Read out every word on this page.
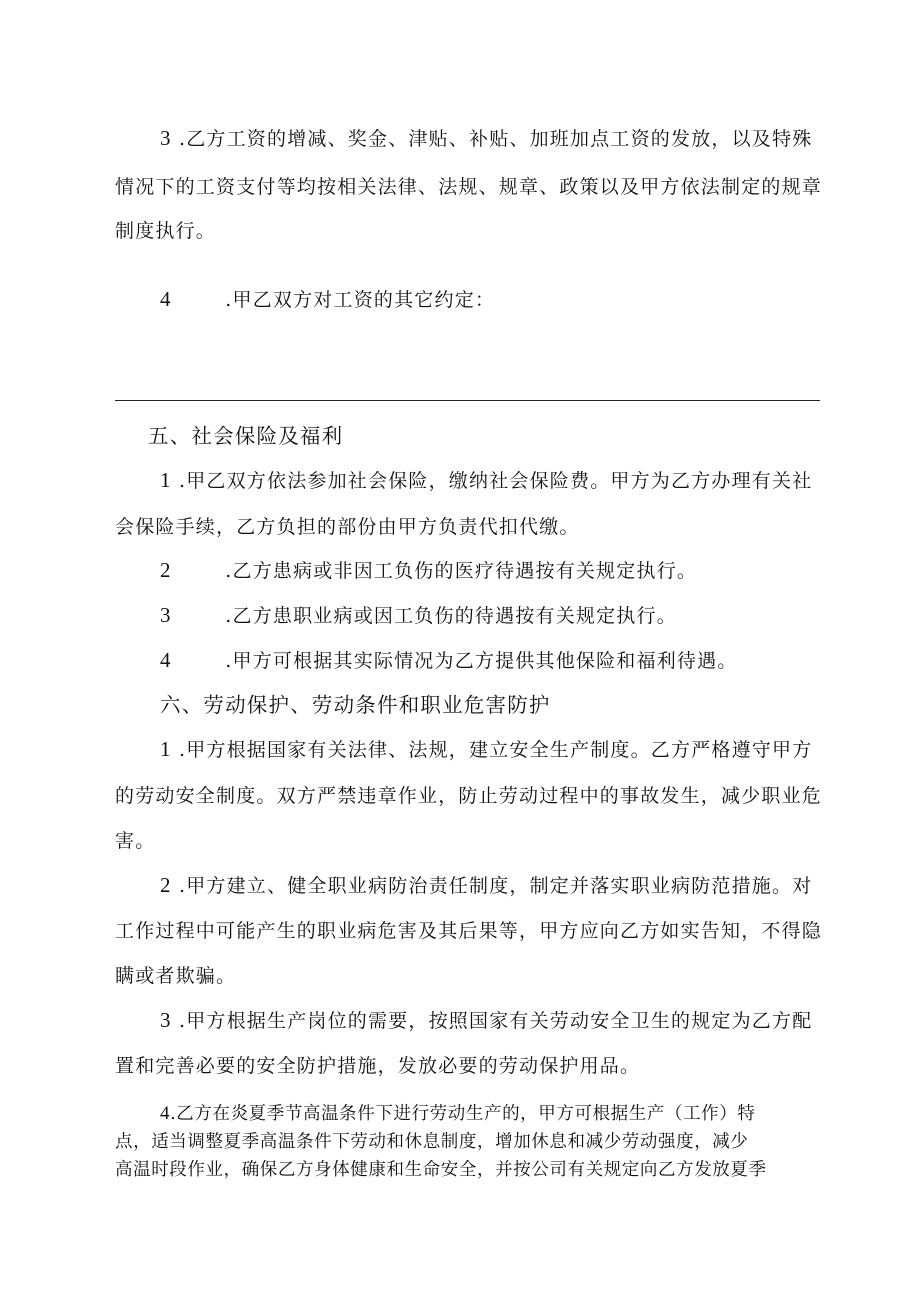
3 .乙方工资的增减、奖金、津贴、补贴、加班加点工资的发放，以及特殊
情况下的工资支付等均按相关法律、法规、规章、政策以及甲方依法制定的规章
制度执行。
4	.甲乙双方对工资的其它约定：
五、社会保险及福利
1 .甲乙双方依法参加社会保险，缴纳社会保险费。甲方为乙方办理有关社
会保险手续，乙方负担的部份由甲方负责代扣代缴。
2	.乙方患病或非因工负伤的医疗待遇按有关规定执行。
3	.乙方患职业病或因工负伤的待遇按有关规定执行。
4	.甲方可根据其实际情况为乙方提供其他保险和福利待遇。
六、劳动保护、劳动条件和职业危害防护
1 .甲方根据国家有关法律、法规，建立安全生产制度。乙方严格遵守甲方
的劳动安全制度。双方严禁违章作业，防止劳动过程中的事故发生，减少职业危
害。
2 .甲方建立、健全职业病防治责任制度，制定并落实职业病防范措施。对
工作过程中可能产生的职业病危害及其后果等，甲方应向乙方如实告知，不得隐
瞒或者欺骗。
3 .甲方根据生产岗位的需要，按照国家有关劳动安全卫生的规定为乙方配
置和完善必要的安全防护措施，发放必要的劳动保护用品。
4.乙方在炎夏季节高温条件下进行劳动生产的，甲方可根据生产（工作）特
点，适当调整夏季高温条件下劳动和休息制度，增加休息和减少劳动强度，减少
高温时段作业，确保乙方身体健康和生命安全，并按公司有关规定向乙方发放夏季
